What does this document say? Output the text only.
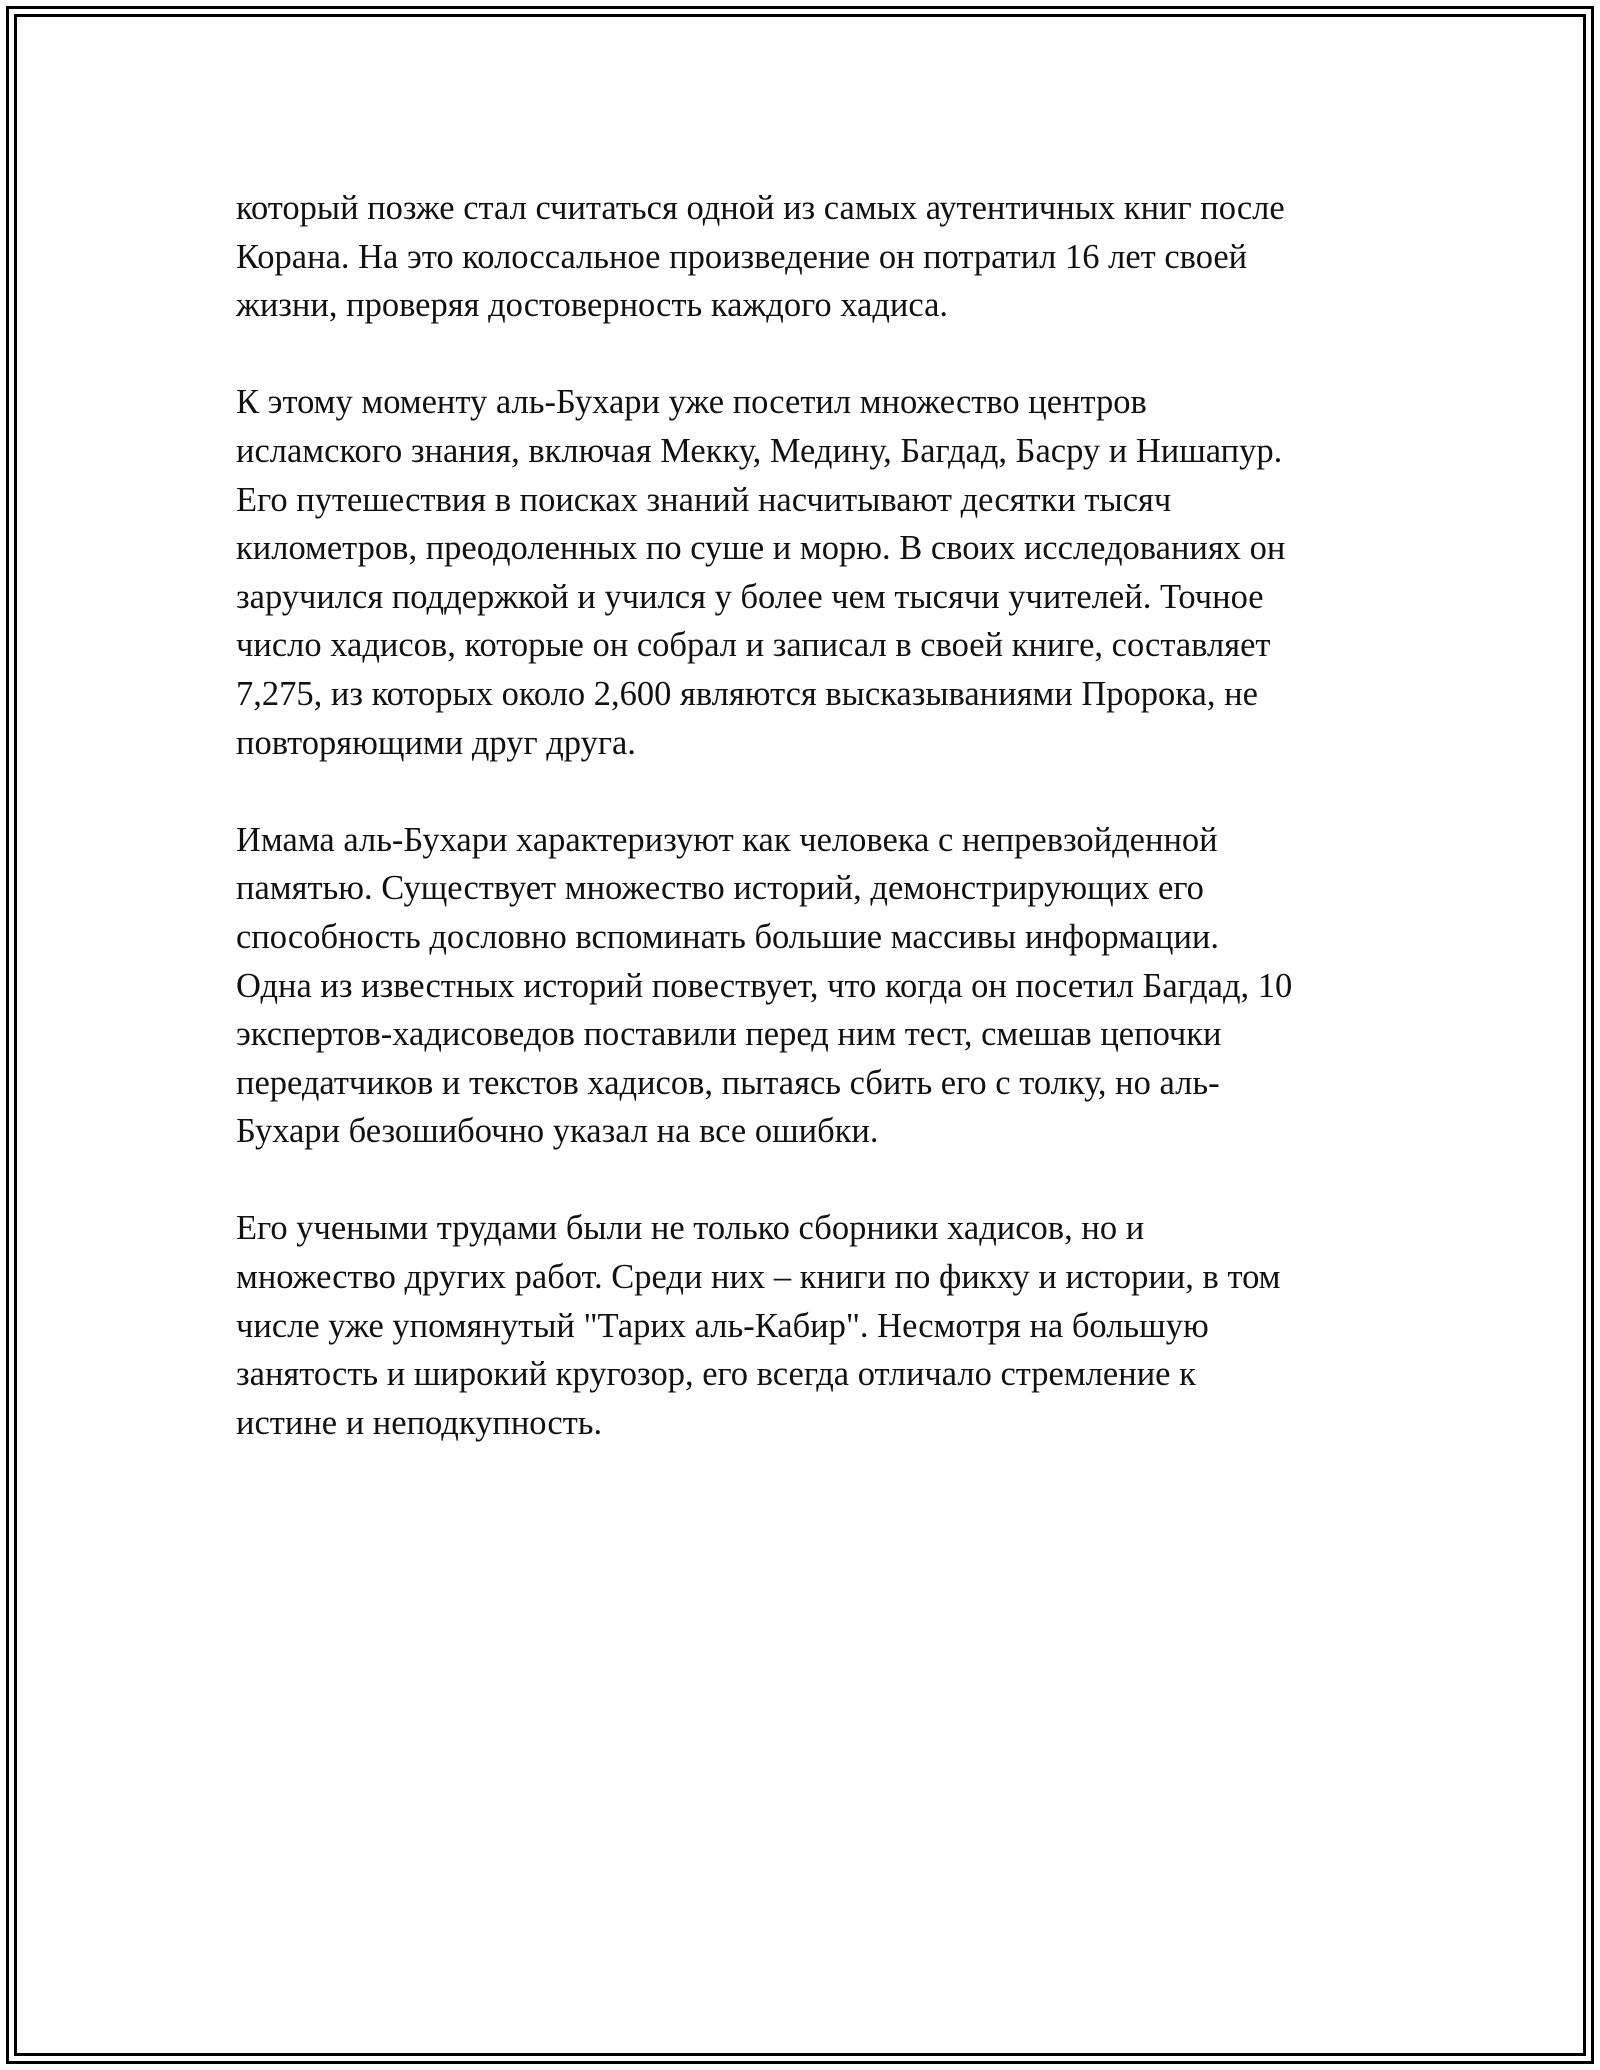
который позже стал считаться одной из самых аутентичных книг после
Корана. На это колоссальное произведение он потратил 16 лет своей
жизни, проверяя достоверность каждого хадиса.

К этому моменту аль-Бухари уже посетил множество центров
исламского знания, включая Мекку, Медину, Багдад, Басру и Нишапур.
Его путешествия в поисках знаний насчитывают десятки тысяч
километров, преодоленных по суше и морю. В своих исследованиях он
заручился поддержкой и учился у более чем тысячи учителей. Точное
число хадисов, которые он собрал и записал в своей книге, составляет
7,275, из которых около 2,600 являются высказываниями Пророка, не
повторяющими друг друга.

Имама аль-Бухари характеризуют как человека с непревзойденной
памятью. Существует множество историй, демонстрирующих его
способность дословно вспоминать большие массивы информации.
Одна из известных историй повествует, что когда он посетил Багдад, 10
экспертов-хадисоведов поставили перед ним тест, смешав цепочки
передатчиков и текстов хадисов, пытаясь сбить его с толку, но аль-
Бухари безошибочно указал на все ошибки.

Его учеными трудами были не только сборники хадисов, но и
множество других работ. Среди них – книги по фикху и истории, в том
числе уже упомянутый "Тарих аль-Кабир". Несмотря на большую
занятость и широкий кругозор, его всегда отличало стремление к
истине и неподкупность.
